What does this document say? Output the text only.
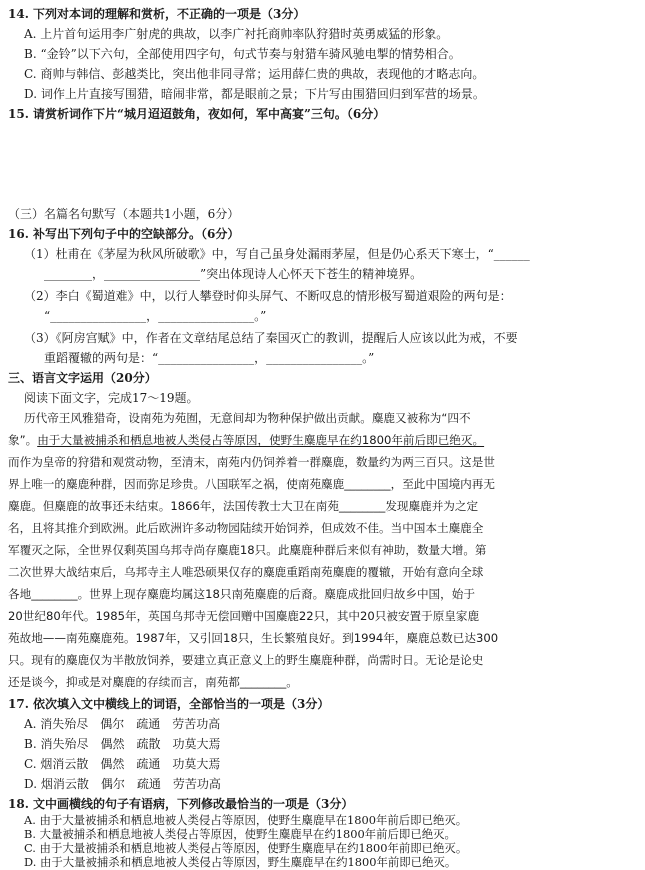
14. 下列对本词的理解和赏析，不正确的一项是（3分）
A. 上片首句运用李广射虎的典故，以李广衬托商帅率队狩猎时英勇威猛的形象。
B. “金铃”以下六句，全部使用四字句，句式节奏与射猎车骑风驰电掣的情势相合。
C. 商帅与韩信、彭越类比，突出他非同寻常；运用薛仁贵的典故，表现他的才略志向。
D. 词作上片直接写围猎，暗闹非常，都是眼前之景；下片写由围猎回归到军营的场景。
15. 请赏析词作下片“城月迢迢鼓角，夜如何，军中高宴”三句。（6分）
（三）名篇名句默写（本题共1小题，6分）
16. 补写出下列句子中的空缺部分。（6分）
（1）杜甫在《茅屋为秋风所破歌》中，写自己虽身处漏雨茅屋，但是仍心系天下寒士，“______
________，________________”突出体现诗人心怀天下苍生的精神境界。
（2）李白《蜀道难》中，以行人攀登时仰头屏气、不断叹息的情形极写蜀道艰险的两句是：
“________________，________________。”
（3）《阿房宫赋》中，作者在文章结尾总结了秦国灭亡的教训，提醒后人应该以此为戒，不要
重蹈覆辙的两句是：“________________，________________。”
三、语言文字运用（20分）
阅读下面文字，完成17～19题。
历代帝王风雅猎奇，设南苑为苑囿，无意间却为物种保护做出贡献。麋鹿又被称为“四不
象”。由于大量被捕杀和栖息地被人类侵占等原因，使野生麋鹿早在约1800年前后即已绝灭。
而作为皇帝的狩猎和观赏动物，至清末，南苑内仍饲养着一群麋鹿，数量约为两三百只。这是世
界上唯一的麋鹿种群，因而弥足珍贵。八国联军之祸，使南苑麋鹿________，至此中国境内再无
麋鹿。但麋鹿的故事还未结束。1866年，法国传教士大卫在南苑________发现麋鹿并为之定
名，且将其推介到欧洲。此后欧洲许多动物园陆续开始饲养，但成效不佳。当中国本土麋鹿全
军覆灭之际，全世界仅剩英国乌邦寺尚存麋鹿18只。此麋鹿种群后来似有神助，数量大增。第
二次世界大战结束后，乌邦寺主人唯恐硕果仅存的麋鹿重蹈南苑麋鹿的覆辙，开始有意向全球
各地________。世界上现存麋鹿均属这18只南苑麋鹿的后裔。麋鹿成批回归故乡中国，始于
20世纪80年代。1985年，英国乌邦寺无偿回赠中国麋鹿22只，其中20只被安置于原皇家鹿
苑故地——南苑麋鹿苑。1987年，又引回18只，生长繁殖良好。到1994年，麋鹿总数已达300
只。现有的麋鹿仅为半散放饲养，要建立真正意义上的野生麋鹿种群，尚需时日。无论是论史
还是谈今，抑或是对麋鹿的存续而言，南苑都________。
17. 依次填入文中横线上的词语，全部恰当的一项是（3分）
A. 消失殆尽　偶尔　疏通　劳苦功高
B. 消失殆尽　偶然　疏散　功莫大焉
C. 烟消云散　偶然　疏通　功莫大焉
D. 烟消云散　偶尔　疏通　劳苦功高
18. 文中画横线的句子有语病，下列修改最恰当的一项是（3分）
A. 由于大量被捕杀和栖息地被人类侵占等原因，使野生麋鹿早在1800年前后即已绝灭。
B. 大量被捕杀和栖息地被人类侵占等原因，使野生麋鹿早在约1800年前后即已绝灭。
C. 由于大量被捕杀和栖息地被人类侵占等原因，使野生麋鹿早在约1800年前即已绝灭。
D. 由于大量被捕杀和栖息地被人类侵占等原因，野生麋鹿早在约1800年前即已绝灭。
